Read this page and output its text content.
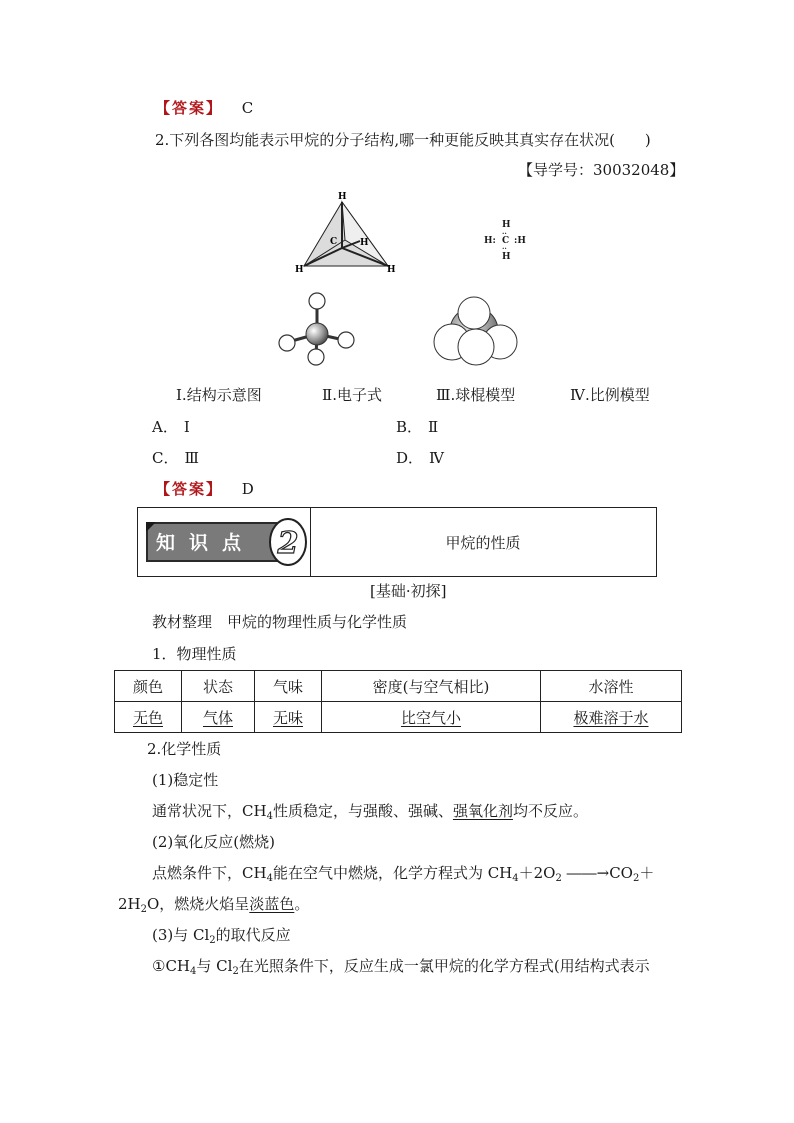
【答案】 C
2.下列各图均能表示甲烷的分子结构,哪一种更能反映其真实存在状况(　　)
【导学号：30032048】
H
C	H
H	H
H
··
H: C :H
··
H
Ⅰ.结构示意图	Ⅱ.电子式	Ⅲ.球棍模型	Ⅳ.比例模型
A． Ⅰ	B． Ⅱ
C． Ⅲ	D． Ⅳ
【答案】 D
知识点 2	甲烷的性质
[基础·初探]
教材整理　甲烷的物理性质与化学性质
1．物理性质
颜色	状态	气味	密度(与空气相比)	水溶性
无色	气体	无味	比空气小	极难溶于水
2.化学性质
(1)稳定性
通常状况下，$CH_4$性质稳定，与强酸、强碱、强氧化剂均不反应。
(2)氧化反应(燃烧)
点燃条件下，$CH_4$能在空气中燃烧，化学方程式为 $CH_4+2O_2$ $――\to CO_2+$
$2H_2O$，燃烧火焰呈淡蓝色。
(3)与 $Cl_2$的取代反应
$①CH_4$与 $Cl_2$在光照条件下，反应生成一氯甲烷的化学方程式(用结构式表示
